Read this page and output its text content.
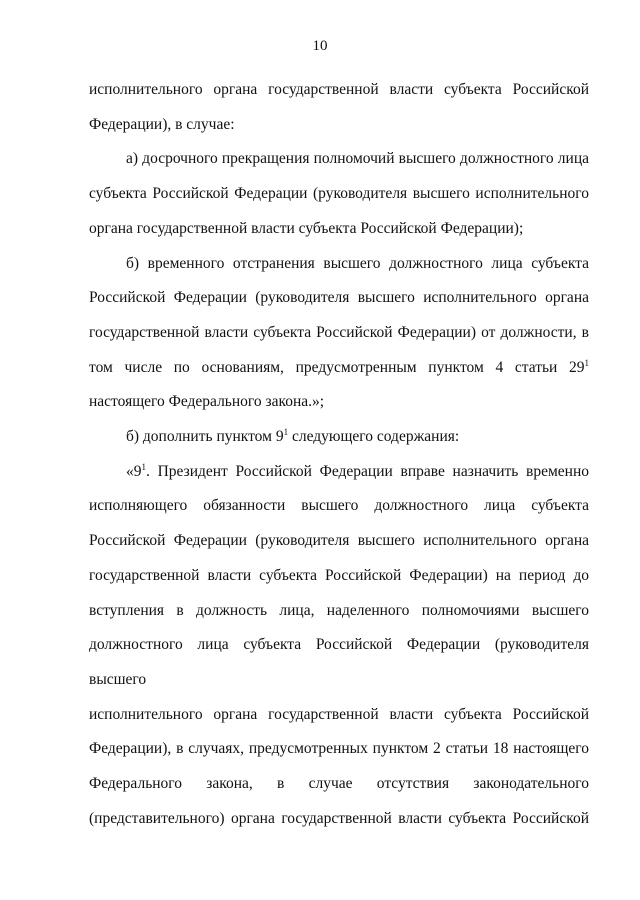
10

исполнительного органа государственной власти субъекта Российской
Федерации), в случае:

а) досрочного прекращения полномочий высшего должностного лица
субъекта Российской Федерации (руководителя высшего исполнительного
органа государственной власти субъекта Российской Федерации);

б) временного отстранения высшего должностного лица субъекта
Российской Федерации (руководителя высшего исполнительного органа
государственной власти субъекта Российской Федерации) от должности, в
том числе по основаниям, предусмотренным пунктом 4 статьи $29^1$
настоящего Федерального закона.»;

б) дополнить пунктом $9^1$ следующего содержания:

«$9^1$. Президент Российской Федерации вправе назначить временно
исполняющего обязанности высшего должностного лица субъекта
Российской Федерации (руководителя высшего исполнительного органа
государственной власти субъекта Российской Федерации) на период до
вступления в должность лица, наделенного полномочиями высшего
должностного лица субъекта Российской Федерации (руководителя высшего
исполнительного органа государственной власти субъекта Российской
Федерации), в случаях, предусмотренных пунктом 2 статьи 18 настоящего
Федерального закона, в случае отсутствия законодательного
(представительного) органа государственной власти субъекта Российской
